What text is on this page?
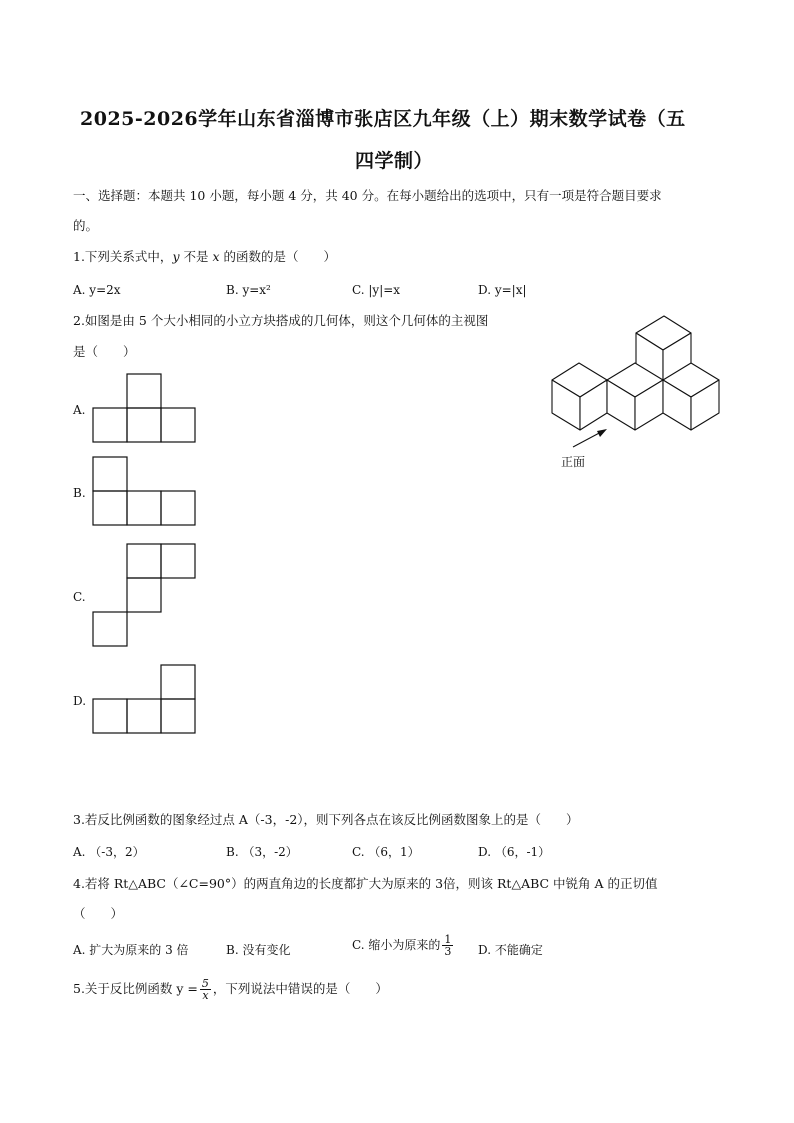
2025-2026学年山东省淄博市张店区九年级（上）期末数学试卷（五
四学制）
一、选择题：本题共 10 小题，每小题 4 分，共 40 分。在每小题给出的选项中，只有一项是符合题目要求
的。
1.下列关系式中，y 不是 x 的函数的是（　　）
A. y=2x	B. y=x²	C. |y|=x	D. y=|x|
2.如图是由 5 个大小相同的小立方块搭成的几何体，则这个几何体的主视图
是（　　）
A.
B.
C.
D.
正面
3.若反比例函数的图象经过点 A（-3，-2），则下列各点在该反比例函数图象上的是（　　）
A. （-3，2）	B. （3，-2）	C. （6，1）	D. （6，-1）
4.若将 Rt△ABC（∠C=90°）的两直角边的长度都扩大为原来的 3倍，则该 Rt△ABC 中锐角 A 的正切值
（　　）
A. 扩大为原来的 3 倍	B. 没有变化	C. 缩小为原来的 $\frac{1}{3} D$. 不能确定
5.关于反比例函数 $y = \frac{5}{x}$ ，下列说法中错误的是（　　）
